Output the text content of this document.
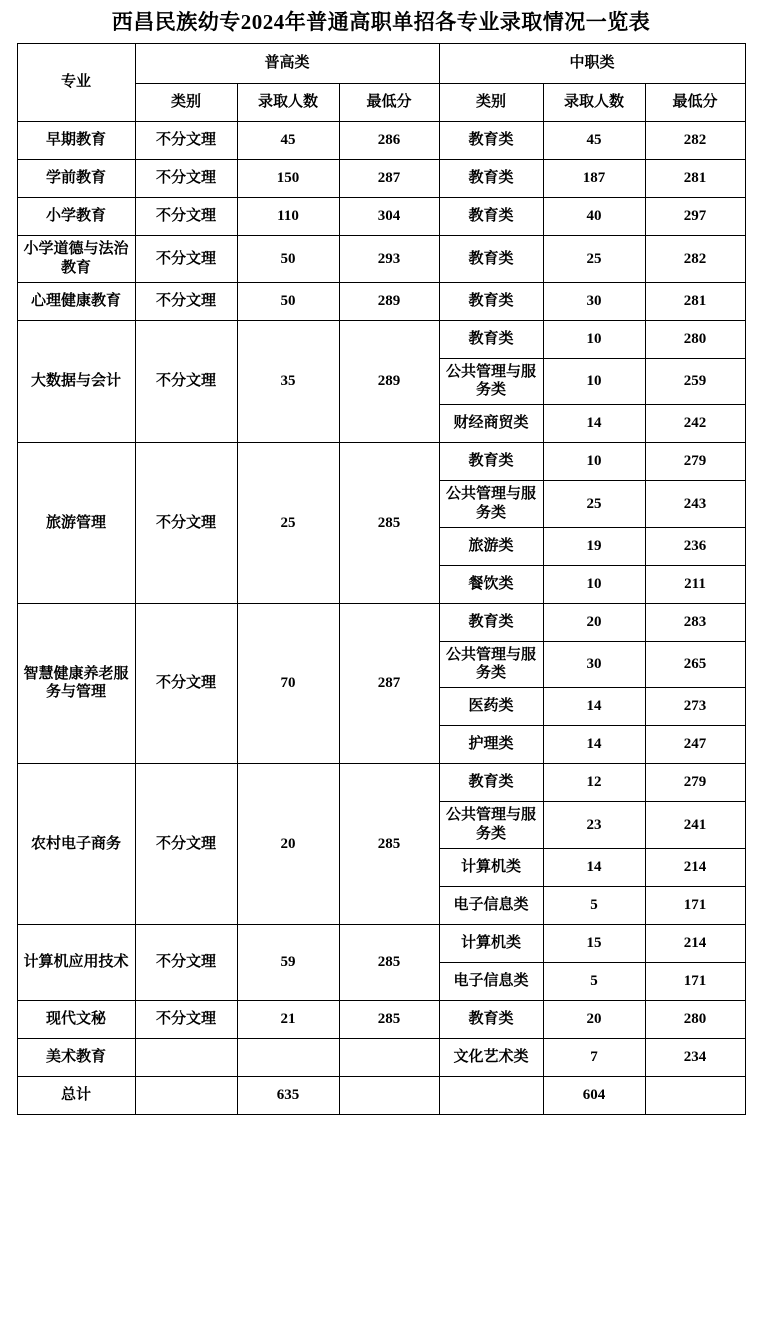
西昌民族幼专2024年普通高职单招各专业录取情况一览表
专业	普高类			中职类		
	类别	录取人数	最低分	类别	录取人数	最低分
早期教育	不分文理	45	286	教育类	45	282
学前教育	不分文理	150	287	教育类	187	281
小学教育	不分文理	110	304	教育类	40	297
小学道德与法治教育	不分文理	50	293	教育类	25	282
心理健康教育	不分文理	50	289	教育类	30	281
大数据与会计	不分文理	35	289	教育类	10	280
				公共管理与服务类	10	259
				财经商贸类	14	242
旅游管理	不分文理	25	285	教育类	10	279
				公共管理与服务类	25	243
				旅游类	19	236
				餐饮类	10	211
智慧健康养老服务与管理	不分文理	70	287	教育类	20	283
				公共管理与服务类	30	265
				医药类	14	273
				护理类	14	247
农村电子商务	不分文理	20	285	教育类	12	279
				公共管理与服务类	23	241
				计算机类	14	214
				电子信息类	5	171
计算机应用技术	不分文理	59	285	计算机类	15	214
				电子信息类	5	171
现代文秘	不分文理	21	285	教育类	20	280
美术教育				文化艺术类	7	234
总计		635			604	
